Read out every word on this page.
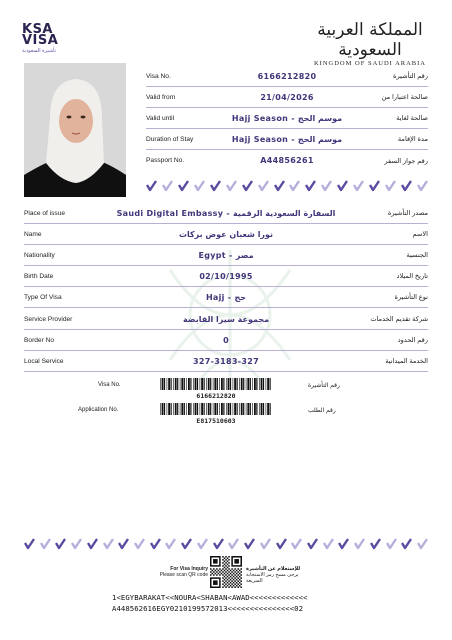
KSA
VISA
تأشيرة السعودية
المملكة العربية السعودية
KINGDOM OF SAUDI ARABIA
Visa No.	6166212820	رقم التأشيرة
Valid from	21/04/2026	صالحة اعتبارا من
Valid until	Hajj Season - موسم الحج	صالحة لغاية
Duration of Stay	Hajj Season - موسم الحج	مدة الإقامة
Passport No.	A44856261	رقم جواز السفر
Place of issue	Saudi Digital Embassy - السفارة السعودية الرقمية	مصدر التأشيرة
Name	نورا شعبان عوض بركات	الاسم
Nationality	Egypt - مصر	الجنسية
Birth Date	02/10/1995	تاريخ الميلاد
Type Of Visa	Hajj - حج	نوع التأشيرة
Service Provider	مجموعة سيرا القابضة	شركة تقديم الخدمات
Border No	0	رقم الحدود
Local Service	327-3183-327	الخدمة الميدانية
Visa No.
6166212820
رقم التأشيرة
Application No.
E817510603
رقم الطلب
For Visa Inquiry
Please scan QR code
للإستعلام عن التأشيرة
يرجى مسح رمز الاستجابة السريعة
1<EGYBARAKAT<<NOURA<SHABAN<AWAD<<<<<<<<<<<<<
A448562616EGY0210199572013<<<<<<<<<<<<<<<02
